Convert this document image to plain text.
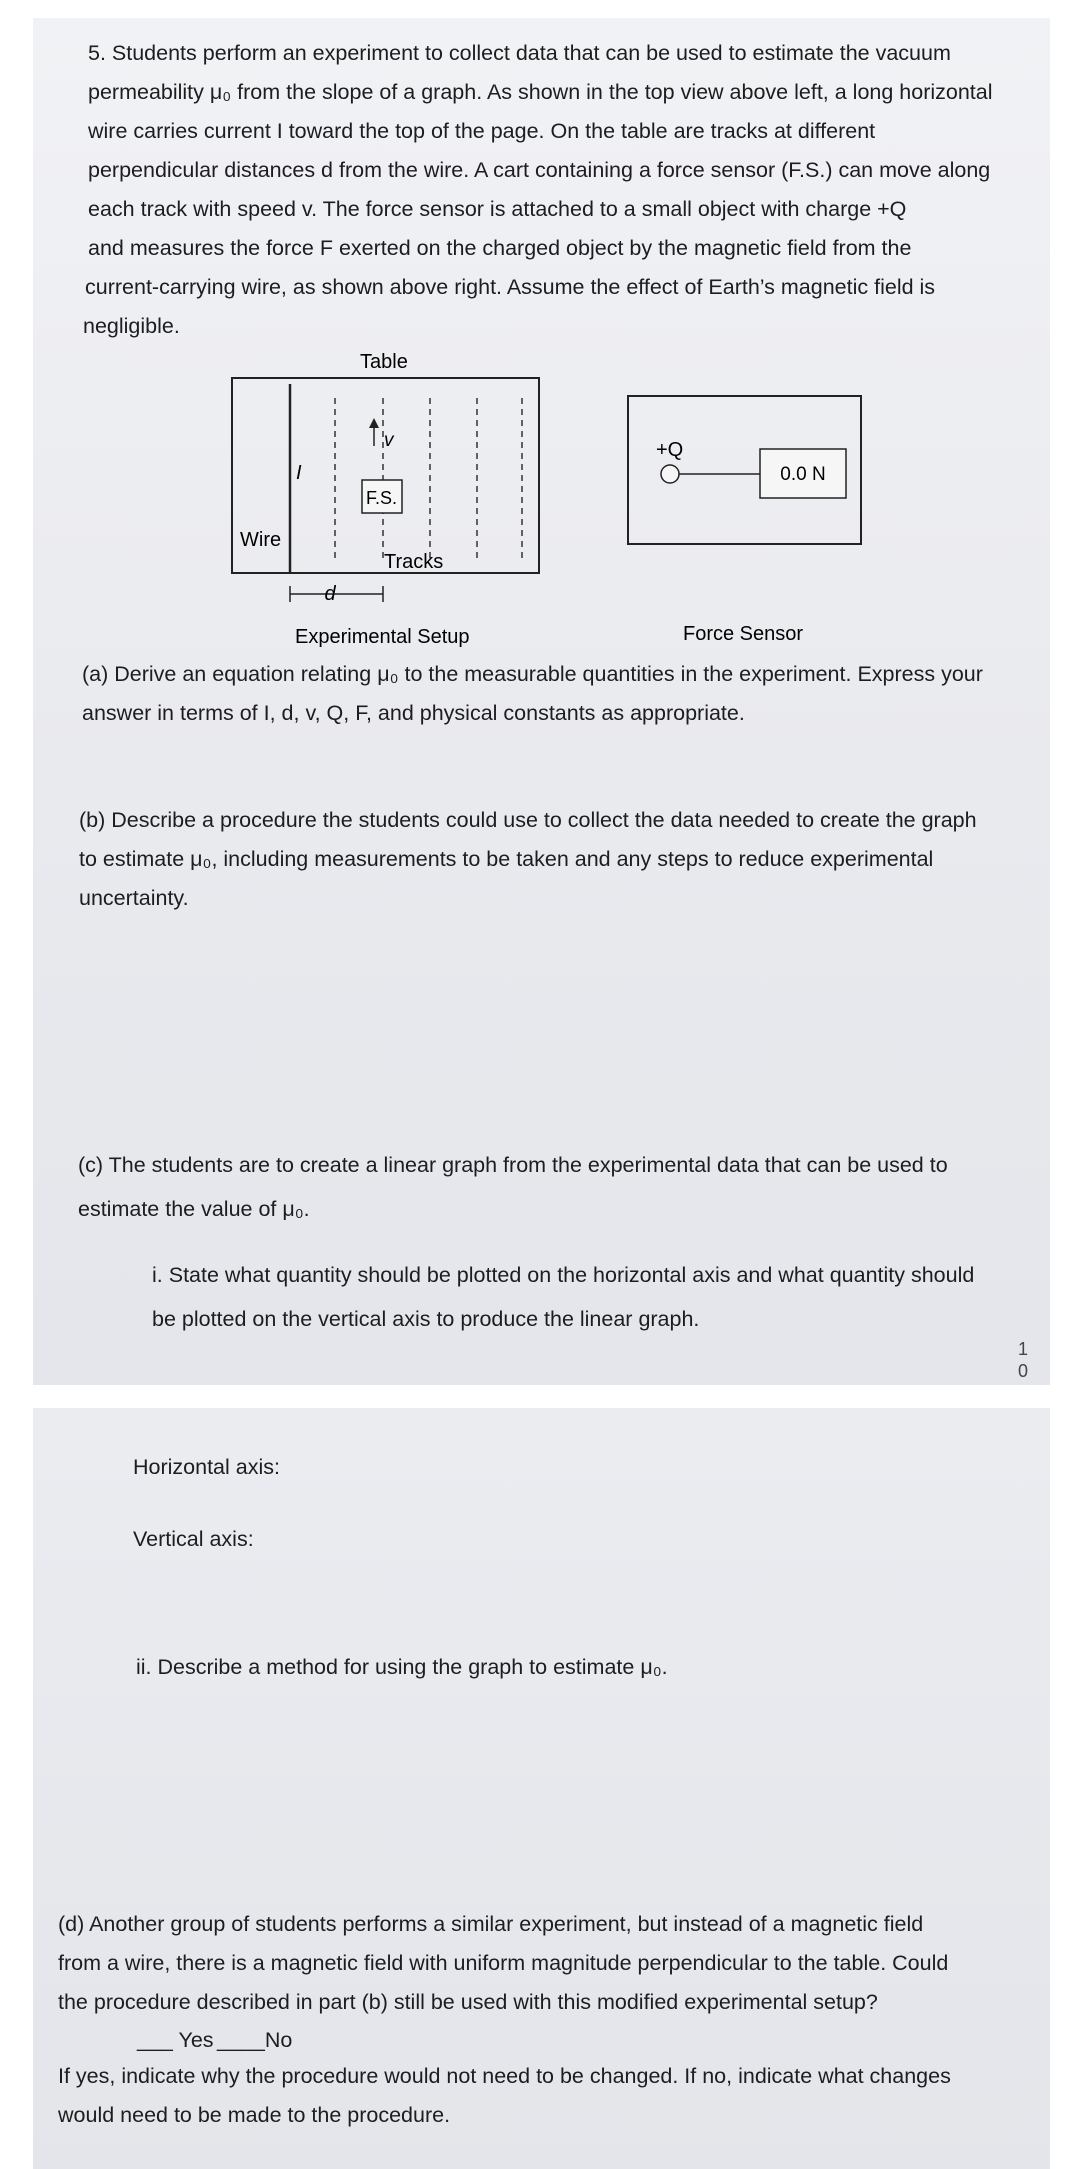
5. Students perform an experiment to collect data that can be used to estimate the vacuum
permeability μ₀ from the slope of a graph. As shown in the top view above left, a long horizontal
wire carries current I toward the top of the page. On the table are tracks at different
perpendicular distances d from the wire. A cart containing a force sensor (F.S.) can move along
each track with speed v. The force sensor is attached to a small object with charge +Q
and measures the force F exerted on the charged object by the magnetic field from the
current-carrying wire, as shown above right. Assume the effect of Earth’s magnetic field is
negligible.
Table
I
v
F.S.
Wire
Tracks
d
Experimental Setup
+Q
0.0 N
Force Sensor
(a) Derive an equation relating μ₀ to the measurable quantities in the experiment. Express your
answer in terms of I, d, v, Q, F, and physical constants as appropriate.
(b) Describe a procedure the students could use to collect the data needed to create the graph
to estimate μ₀, including measurements to be taken and any steps to reduce experimental
uncertainty.
(c) The students are to create a linear graph from the experimental data that can be used to
estimate the value of μ₀.
i. State what quantity should be plotted on the horizontal axis and what quantity should
be plotted on the vertical axis to produce the linear graph.
1
0
Horizontal axis:
Vertical axis:
ii. Describe a method for using the graph to estimate μ₀.
(d) Another group of students performs a similar experiment, but instead of a magnetic field
from a wire, there is a magnetic field with uniform magnitude perpendicular to the table. Could
the procedure described in part (b) still be used with this modified experimental setup?
___ Yes ____No
If yes, indicate why the procedure would not need to be changed. If no, indicate what changes
would need to be made to the procedure.
